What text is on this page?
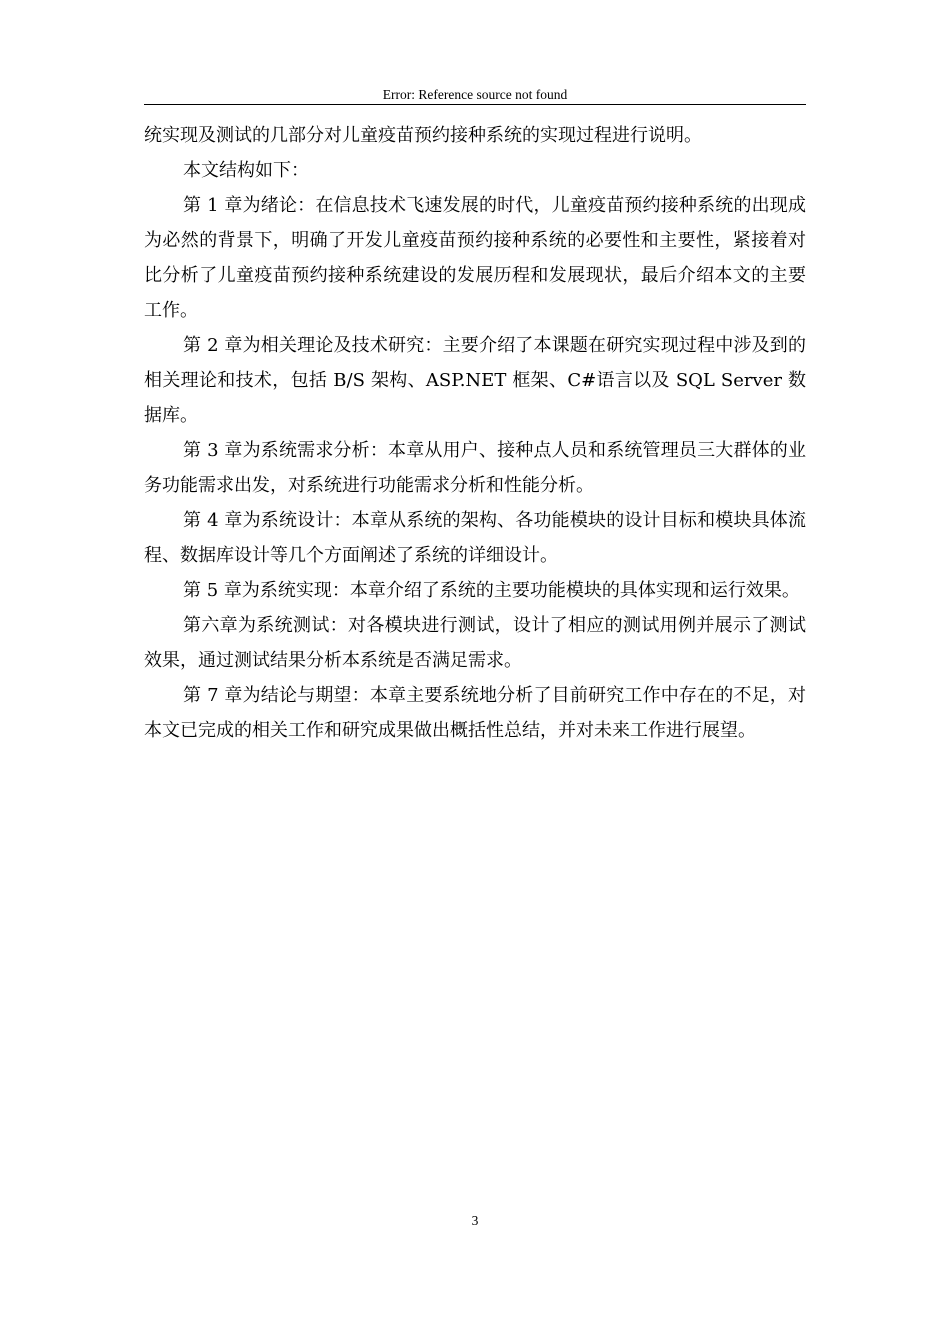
Error: Reference source not found

统实现及测试的几部分对儿童疫苗预约接种系统的实现过程进行说明。

本文结构如下：

第 1 章为绪论：在信息技术飞速发展的时代，儿童疫苗预约接种系统的出现成为必然的背景下，明确了开发儿童疫苗预约接种系统的必要性和主要性，紧接着对比分析了儿童疫苗预约接种系统建设的发展历程和发展现状，最后介绍本文的主要工作。

第 2 章为相关理论及技术研究：主要介绍了本课题在研究实现过程中涉及到的相关理论和技术，包括 B/S 架构、ASP.NET 框架、C#语言以及 SQL Server 数据库。

第 3 章为系统需求分析：本章从用户、接种点人员和系统管理员三大群体的业务功能需求出发，对系统进行功能需求分析和性能分析。

第 4 章为系统设计：本章从系统的架构、各功能模块的设计目标和模块具体流程、数据库设计等几个方面阐述了系统的详细设计。

第 5 章为系统实现：本章介绍了系统的主要功能模块的具体实现和运行效果。

第六章为系统测试：对各模块进行测试，设计了相应的测试用例并展示了测试效果，通过测试结果分析本系统是否满足需求。

第 7 章为结论与期望：本章主要系统地分析了目前研究工作中存在的不足，对本文已完成的相关工作和研究成果做出概括性总结，并对未来工作进行展望。

3
